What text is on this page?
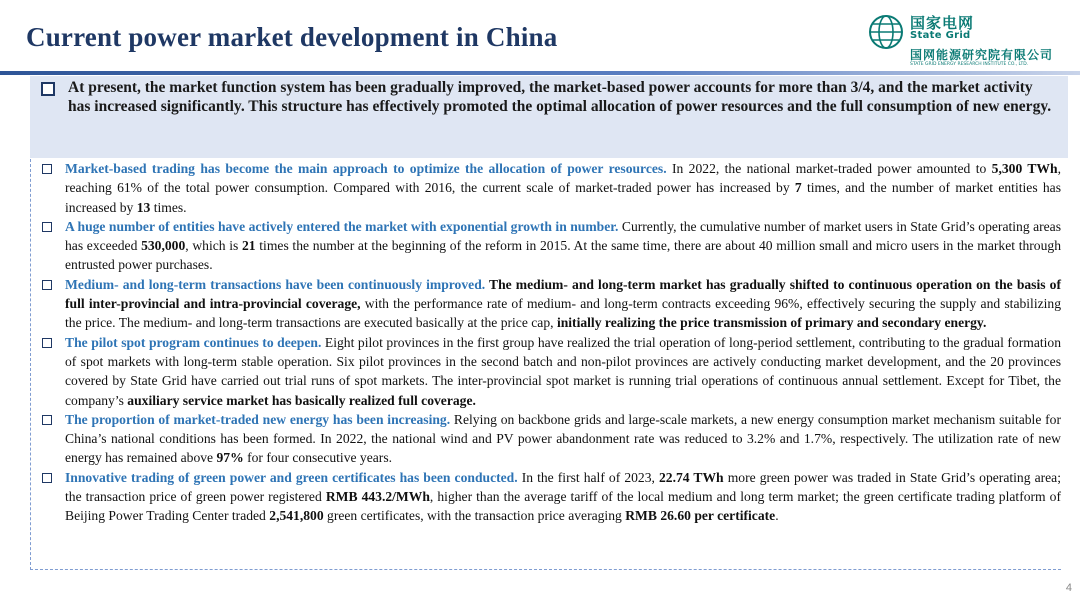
Current power market development in China	国家电网
State Grid
国网能源研究院有限公司
STATE GRID ENERGY RESEARCH INSTITUTE CO., LTD.

At present, the market function system has been gradually improved, the market-based power accounts for more than 3/4, and the market activity has increased significantly. This structure has effectively promoted the optimal allocation of power resources and the full consumption of new energy.

Market-based trading has become the main approach to optimize the allocation of power resources. In 2022, the national market-traded power amounted to 5,300 TWh, reaching 61% of the total power consumption. Compared with 2016, the current scale of market-traded power has increased by 7 times, and the number of market entities has increased by 13 times.

A huge number of entities have actively entered the market with exponential growth in number. Currently, the cumulative number of market users in State Grid’s operating areas has exceeded 530,000, which is 21 times the number at the beginning of the reform in 2015. At the same time, there are about 40 million small and micro users in the market through entrusted power purchases.

Medium- and long-term transactions have been continuously improved. The medium- and long-term market has gradually shifted to continuous operation on the basis of full inter-provincial and intra-provincial coverage, with the performance rate of medium- and long-term contracts exceeding 96%, effectively securing the supply and stabilizing the price. The medium- and long-term transactions are executed basically at the price cap, initially realizing the price transmission of primary and secondary energy.

The pilot spot program continues to deepen. Eight pilot provinces in the first group have realized the trial operation of long-period settlement, contributing to the gradual formation of spot markets with long-term stable operation. Six pilot provinces in the second batch and non-pilot provinces are actively conducting market development, and the 20 provinces covered by State Grid have carried out trial runs of spot markets. The inter-provincial spot market is running trial operations of continuous annual settlement. Except for Tibet, the company’s auxiliary service market has basically realized full coverage.

The proportion of market-traded new energy has been increasing. Relying on backbone grids and large-scale markets, a new energy consumption market mechanism suitable for China’s national conditions has been formed. In 2022, the national wind and PV power abandonment rate was reduced to 3.2% and 1.7%, respectively. The utilization rate of new energy has remained above 97% for four consecutive years.

Innovative trading of green power and green certificates has been conducted. In the first half of 2023, 22.74 TWh more green power was traded in State Grid’s operating area; the transaction price of green power registered RMB 443.2/MWh, higher than the average tariff of the local medium and long term market; the green certificate trading platform of Beijing Power Trading Center traded 2,541,800 green certificates, with the transaction price averaging RMB 26.60 per certificate.

4
